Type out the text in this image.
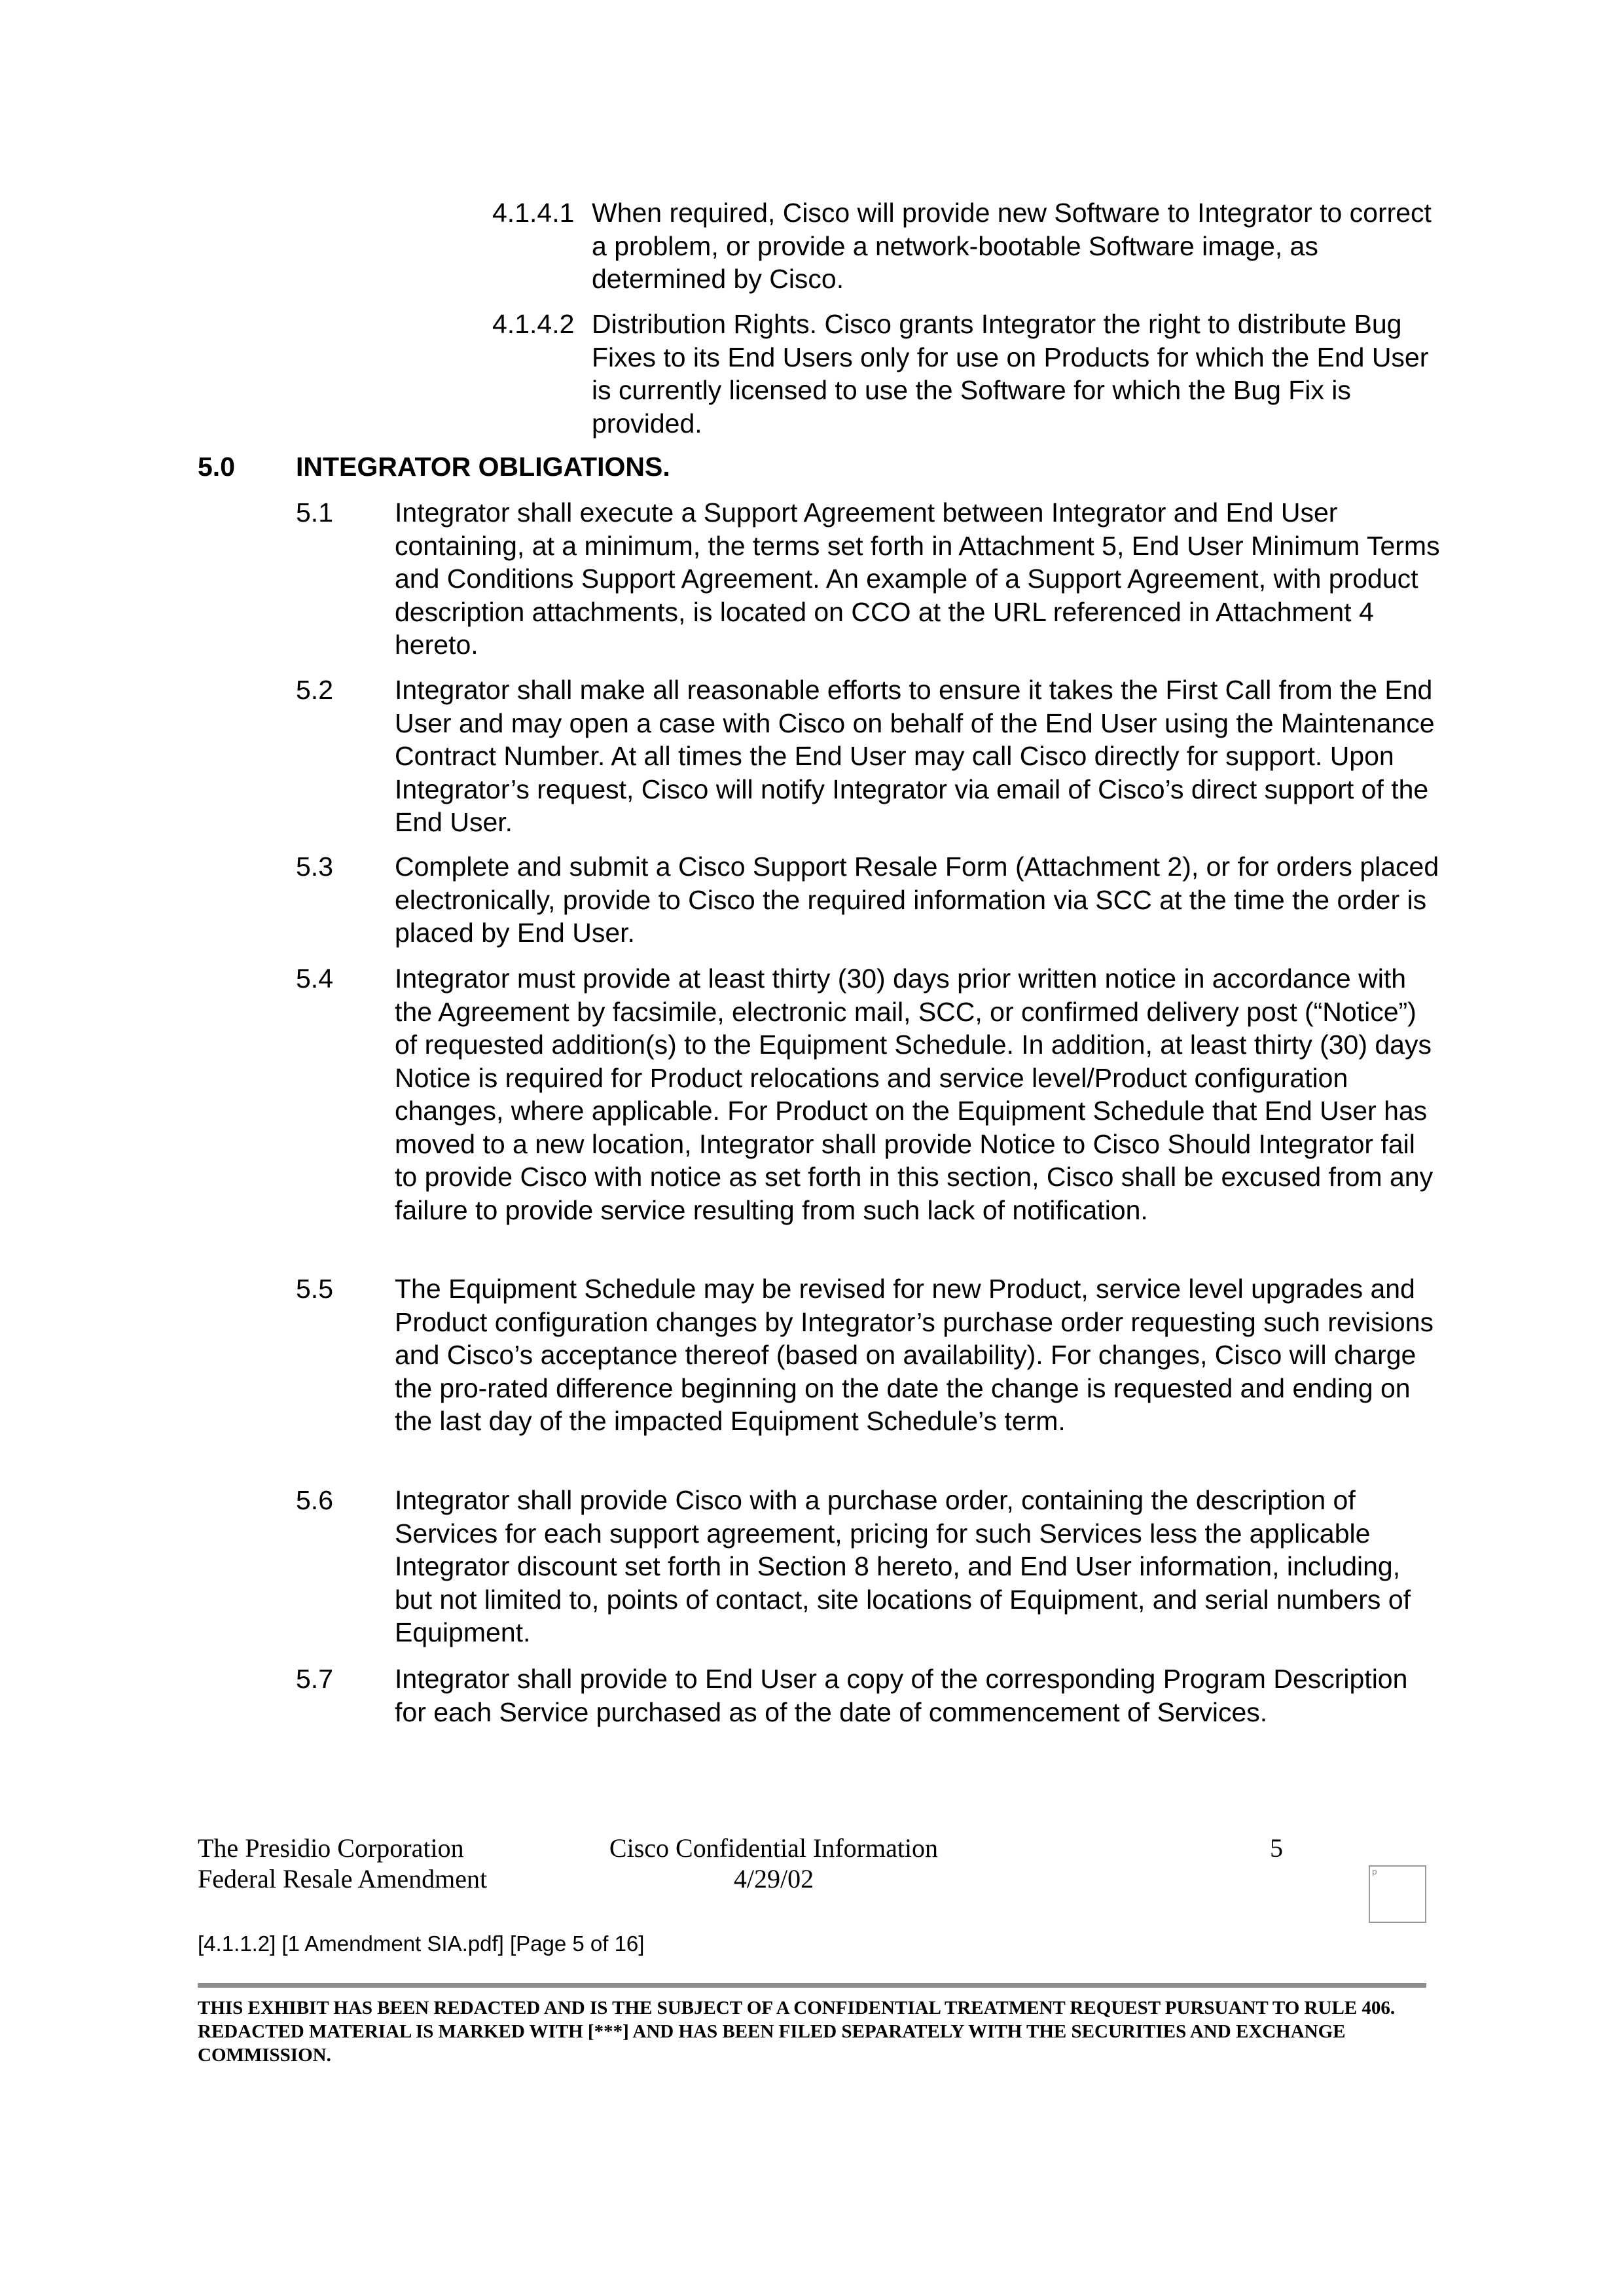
4.1.4.1 When required, Cisco will provide new Software to Integrator to correct a problem, or provide a network-bootable Software image, as determined by Cisco.
4.1.4.2 Distribution Rights. Cisco grants Integrator the right to distribute Bug Fixes to its End Users only for use on Products for which the End User is currently licensed to use the Software for which the Bug Fix is provided.
5.0 INTEGRATOR OBLIGATIONS.
5.1 Integrator shall execute a Support Agreement between Integrator and End User containing, at a minimum, the terms set forth in Attachment 5, End User Minimum Terms and Conditions Support Agreement. An example of a Support Agreement, with product description attachments, is located on CCO at the URL referenced in Attachment 4 hereto.
5.2 Integrator shall make all reasonable efforts to ensure it takes the First Call from the End User and may open a case with Cisco on behalf of the End User using the Maintenance Contract Number. At all times the End User may call Cisco directly for support. Upon Integrator’s request, Cisco will notify Integrator via email of Cisco’s direct support of the End User.
5.3 Complete and submit a Cisco Support Resale Form (Attachment 2), or for orders placed electronically, provide to Cisco the required information via SCC at the time the order is placed by End User.
5.4 Integrator must provide at least thirty (30) days prior written notice in accordance with the Agreement by facsimile, electronic mail, SCC, or confirmed delivery post (“Notice”) of requested addition(s) to the Equipment Schedule. In addition, at least thirty (30) days Notice is required for Product relocations and service level/Product configuration changes, where applicable. For Product on the Equipment Schedule that End User has moved to a new location, Integrator shall provide Notice to Cisco Should Integrator fail to provide Cisco with notice as set forth in this section, Cisco shall be excused from any failure to provide service resulting from such lack of notification.
5.5 The Equipment Schedule may be revised for new Product, service level upgrades and Product configuration changes by Integrator’s purchase order requesting such revisions and Cisco’s acceptance thereof (based on availability). For changes, Cisco will charge the pro-rated difference beginning on the date the change is requested and ending on the last day of the impacted Equipment Schedule’s term.
5.6 Integrator shall provide Cisco with a purchase order, containing the description of Services for each support agreement, pricing for such Services less the applicable Integrator discount set forth in Section 8 hereto, and End User information, including, but not limited to, points of contact, site locations of Equipment, and serial numbers of Equipment.
5.7 Integrator shall provide to End User a copy of the corresponding Program Description for each Service purchased as of the date of commencement of Services.
The Presidio Corporation
Federal Resale Amendment
Cisco Confidential Information
4/29/02
5
p
[4.1.1.2] [1 Amendment SIA.pdf] [Page 5 of 16]
THIS EXHIBIT HAS BEEN REDACTED AND IS THE SUBJECT OF A CONFIDENTIAL TREATMENT REQUEST PURSUANT TO RULE 406. REDACTED MATERIAL IS MARKED WITH [***] AND HAS BEEN FILED SEPARATELY WITH THE SECURITIES AND EXCHANGE COMMISSION.
